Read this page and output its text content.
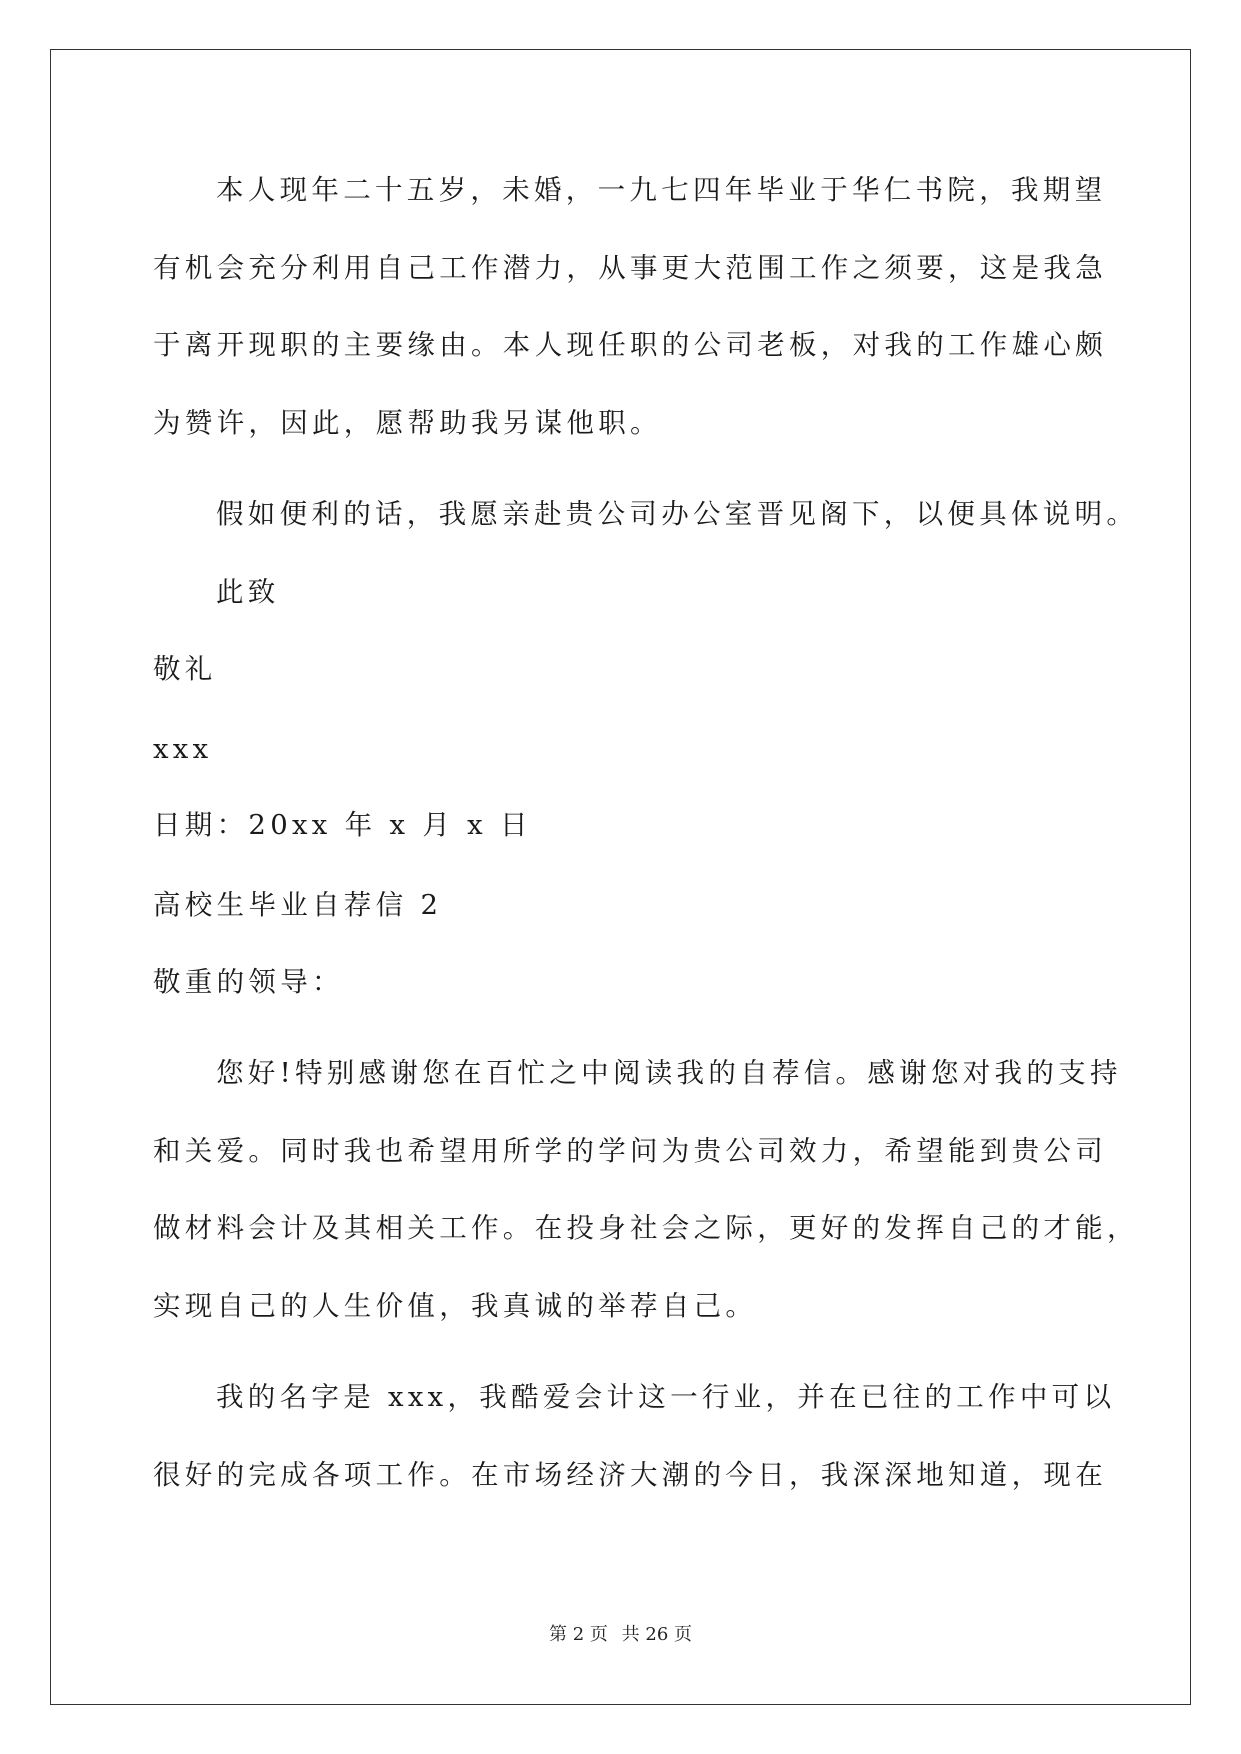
本人现年二十五岁，未婚，一九七四年毕业于华仁书院，我期望
有机会充分利用自己工作潜力，从事更大范围工作之须要，这是我急
于离开现职的主要缘由。本人现任职的公司老板，对我的工作雄心颇
为赞许，因此，愿帮助我另谋他职。
假如便利的话，我愿亲赴贵公司办公室晋见阁下，以便具体说明。
此致
敬礼
xxx
日期：20xx 年 x 月 x 日
高校生毕业自荐信 2
敬重的领导：
您好!特别感谢您在百忙之中阅读我的自荐信。感谢您对我的支持
和关爱。同时我也希望用所学的学问为贵公司效力，希望能到贵公司
做材料会计及其相关工作。在投身社会之际，更好的发挥自己的才能，
实现自己的人生价值，我真诚的举荐自己。
我的名字是 xxx，我酷爱会计这一行业，并在已往的工作中可以
很好的完成各项工作。在市场经济大潮的今日，我深深地知道，现在
第 2 页 共 26 页
